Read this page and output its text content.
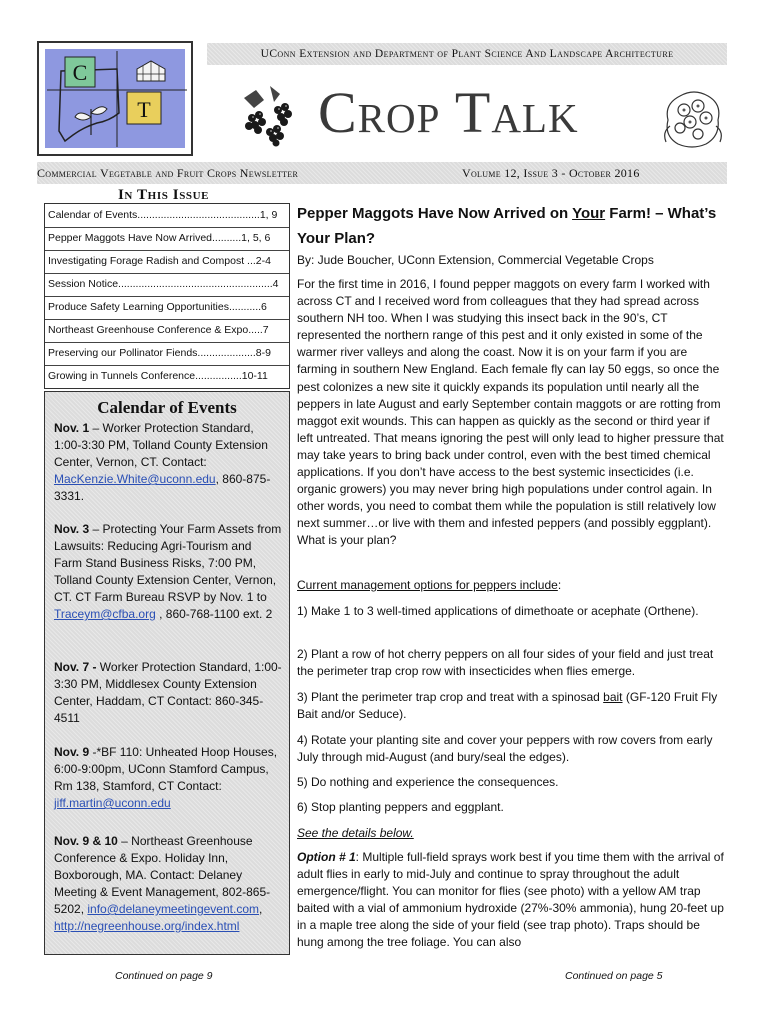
C
T
UConn Extension and Department of Plant Science And Landscape Architecture
Crop Talk
Commercial Vegetable and Fruit Crops Newsletter	Volume 12, Issue 3 - October 2016
In This Issue
Calendar of Events..........................................1, 9
Pepper Maggots Have Now Arrived..........1, 5, 6
Investigating Forage Radish and Compost ...2-4
Session Notice.....................................................4
Produce Safety Learning Opportunities...........6
Northeast Greenhouse Conference & Expo.....7
Preserving our Pollinator Fiends....................8-9
Growing in Tunnels Conference................10-11
Calendar of Events
Nov. 1 – Worker Protection Standard, 1:00-3:30 PM, Tolland County Extension Center, Vernon, CT. Contact: MacKenzie.White@uconn.edu, 860-875-3331.
Nov. 3 – Protecting Your Farm Assets from Lawsuits: Reducing Agri-Tourism and Farm Stand Business Risks, 7:00 PM, Tolland County Extension Center, Vernon, CT. CT Farm Bureau RSVP by Nov. 1 to Traceym@cfba.org , 860-768-1100 ext. 2
Nov. 7 - Worker Protection Standard, 1:00-3:30 PM, Middlesex County Extension Center, Haddam, CT Contact: 860-345-4511
Nov. 9 -*BF 110: Unheated Hoop Houses, 6:00-9:00pm, UConn Stamford Campus, Rm 138, Stamford, CT Contact: jiff.martin@uconn.edu
Nov. 9 & 10 – Northeast Greenhouse Conference & Expo. Holiday Inn, Boxborough, MA. Contact: Delaney Meeting & Event Management, 802-865-5202, info@delaneymeetingevent.com,
http://negreenhouse.org/index.html
Continued on page 9
Pepper Maggots Have Now Arrived on Your Farm! – What’s Your Plan?
By: Jude Boucher, UConn Extension, Commercial Vegetable Crops
For the first time in 2016, I found pepper maggots on every farm I worked with across CT and I received word from colleagues that they had spread across southern NH too. When I was studying this insect back in the 90’s, CT represented the northern range of this pest and it only existed in some of the warmer river valleys and along the coast. Now it is on your farm if you are farming in southern New England. Each female fly can lay 50 eggs, so once the pest colonizes a new site it quickly expands its population until nearly all the peppers in late August and early September contain maggots or are rotting from maggot exit wounds. This can happen as quickly as the second or third year if left untreated. That means ignoring the pest will only lead to higher pressure that may take years to bring back under control, even with the best timed chemical applications. If you don’t have access to the best systemic insecticides (i.e. organic growers) you may never bring high populations under control again. In other words, you need to combat them while the population is still relatively low next summer…or live with them and infested peppers (and possibly eggplant). What is your plan?
Current management options for peppers include:
1) Make 1 to 3 well-timed applications of dimethoate or acephate (Orthene).
2) Plant a row of hot cherry peppers on all four sides of your field and just treat the perimeter trap crop row with insecticides when flies emerge.
3) Plant the perimeter trap crop and treat with a spinosad bait (GF-120 Fruit Fly Bait and/or Seduce).
4) Rotate your planting site and cover your peppers with row covers from early July through mid-August (and bury/seal the edges).
5) Do nothing and experience the consequences.
6) Stop planting peppers and eggplant.
See the details below.
Option # 1: Multiple full-field sprays work best if you time them with the arrival of adult flies in early to mid-July and continue to spray throughout the adult emergence/flight. You can monitor for flies (see photo) with a yellow AM trap baited with a vial of ammonium hydroxide (27%-30% ammonia), hung 20-feet up in a maple tree along the side of your field (see trap photo). Traps should be hung among the tree foliage. You can also
Continued on page 5
